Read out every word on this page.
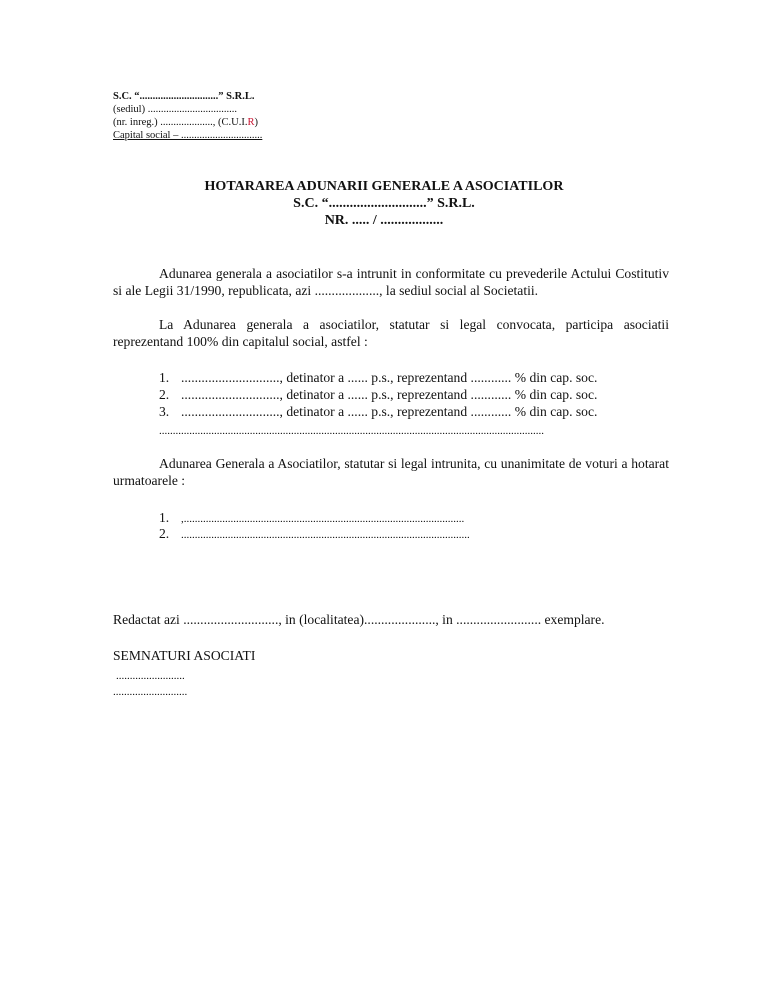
S.C. “..............................” S.R.L.
(sediul) ..................................
(nr. inreg.) ...................., (C.U.I.R)
Capital social – ...............................
HOTARAREA ADUNARII GENERALE A ASOCIATILOR
S.C. “............................” S.R.L.
NR. ..... / ..................
Adunarea generala a asociatilor s-a intrunit in conformitate cu prevederile Actului Costitutiv si ale Legii 31/1990, republicata, azi ..................., la sediul social al Societatii.
La Adunarea generala a asociatilor, statutar si legal convocata, participa asociatii reprezentand 100% din capitalul social, astfel :
1. ............................., detinator a ...... p.s., reprezentand ............ % din cap. soc.
2. ............................., detinator a ...... p.s., reprezentand ............ % din cap. soc.
3. ............................., detinator a ...... p.s., reprezentand ............ % din cap. soc.
............................................................................................................................................
Adunarea Generala a Asociatilor, statutar si legal intrunita, cu unanimitate de voturi a hotarat urmatoarele :
1. ,......................................................................................................
2. .........................................................................................................
Redactat azi ............................, in (localitatea)....................., in ......................... exemplare.
SEMNATURI ASOCIATI
.........................
...........................
